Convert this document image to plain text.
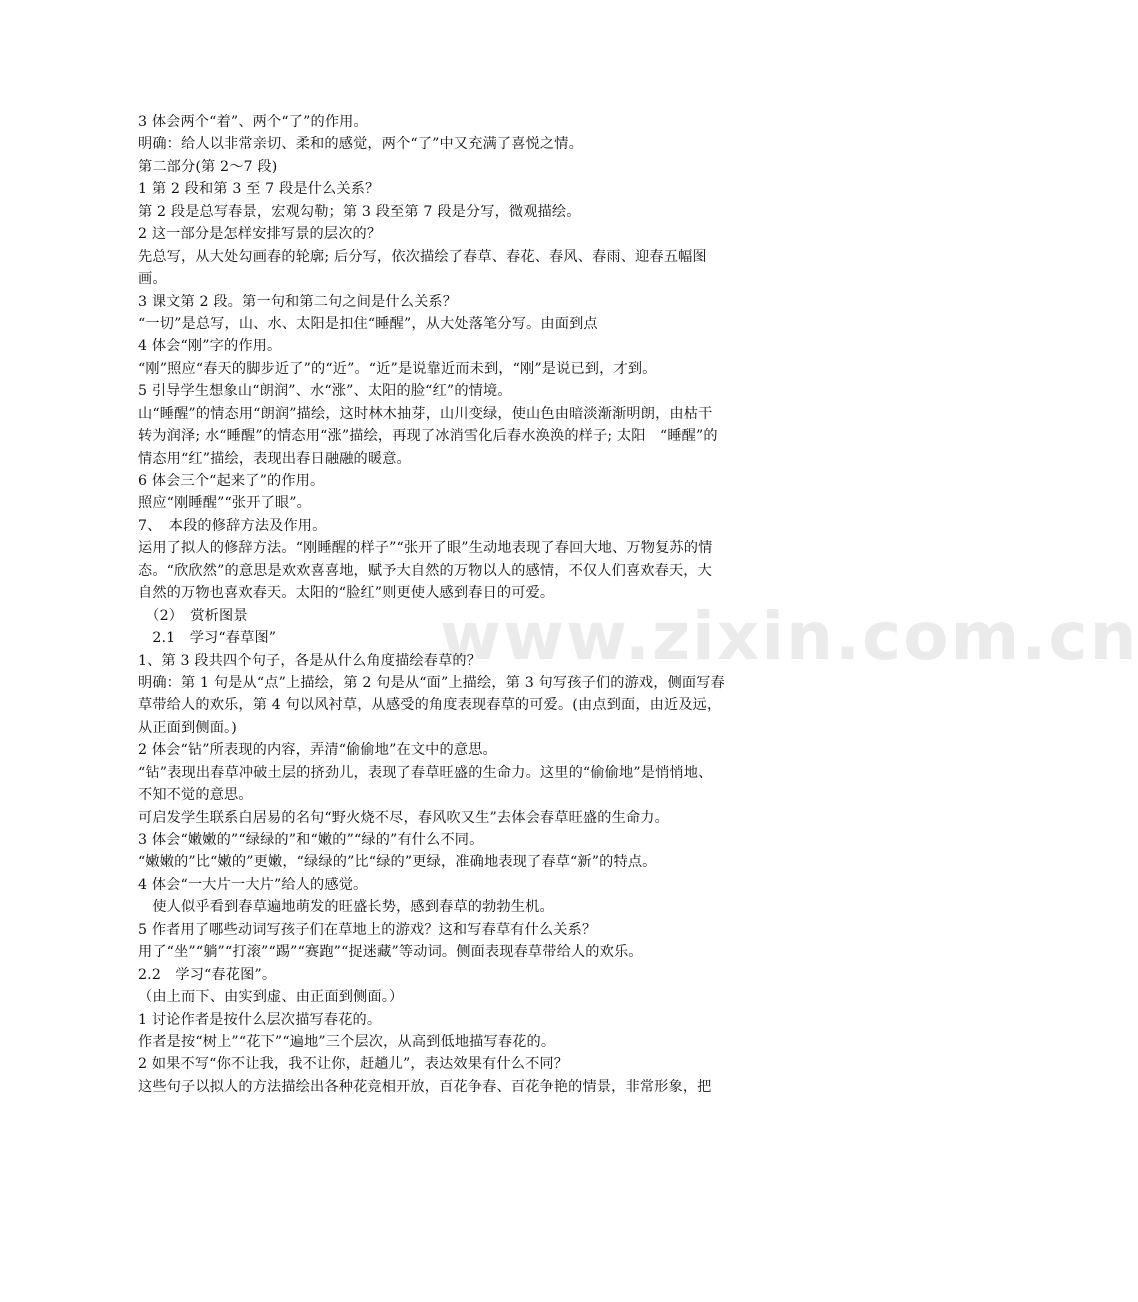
www.zixin.com.cn
3 体会两个“着”、两个“了”的作用。
明确：给人以非常亲切、柔和的感觉，两个“了”中又充满了喜悦之情。
第二部分(第 2～7 段)
1 第 2 段和第 3 至 7 段是什么关系？
第 2 段是总写春景，宏观勾勒；第 3 段至第 7 段是分写，微观描绘。
2 这一部分是怎样安排写景的层次的？
先总写，从大处勾画春的轮廓; 后分写，依次描绘了春草、春花、春风、春雨、迎春五幅图
画。
3 课文第 2 段。第一句和第二句之间是什么关系？
“一切”是总写，山、水、太阳是扣住“睡醒”，从大处落笔分写。由面到点
4 体会“刚”字的作用。
“刚”照应“春天的脚步近了”的“近”。“近”是说靠近而未到，“刚”是说已到，才到。
5 引导学生想象山“朗润”、水“涨”、太阳的脸“红”的情境。
山“睡醒”的情态用“朗润”描绘，这时林木抽芽，山川变绿，使山色由暗淡渐渐明朗，由枯干
转为润泽; 水“睡醒”的情态用“涨”描绘，再现了冰消雪化后春水涣涣的样子; 太阳　“睡醒”的
情态用“红”描绘，表现出春日融融的暖意。
6 体会三个“起来了”的作用。
照应“刚睡醒”“张开了眼”。
7、　本段的修辞方法及作用。
运用了拟人的修辞方法。“刚睡醒的样子”“张开了眼”生动地表现了春回大地、万物复苏的情
态。“欣欣然”的意思是欢欢喜喜地，赋予大自然的万物以人的感情，不仅人们喜欢春天，大
自然的万物也喜欢春天。太阳的“脸红”则更使人感到春日的可爱。
　（2）　赏析图景
　2.1　学习“春草图”
1、第 3 段共四个句子，各是从什么角度描绘春草的？
明确：第 1 句是从“点”上描绘，第 2 句是从“面”上描绘，第 3 句写孩子们的游戏，侧面写春
草带给人的欢乐，第 4 句以风衬草，从感受的角度表现春草的可爱。(由点到面，由近及远，
从正面到侧面。)
2 体会“钻”所表现的内容，弄清“偷偷地”在文中的意思。
“钻”表现出春草冲破土层的挤劲儿，表现了春草旺盛的生命力。这里的“偷偷地”是悄悄地、
不知不觉的意思。
可启发学生联系白居易的名句“野火烧不尽，春风吹又生”去体会春草旺盛的生命力。
3 体会“嫩嫩的”“绿绿的”和“嫩的”“绿的”有什么不同。
“嫩嫩的”比“嫩的”更嫩，“绿绿的”比“绿的”更绿，准确地表现了春草“新”的特点。
4 体会“一大片一大片”给人的感觉。
　使人似乎看到春草遍地萌发的旺盛长势，感到春草的勃勃生机。
5 作者用了哪些动词写孩子们在草地上的游戏？这和写春草有什么关系？
用了“坐”“躺”“打滚”“踢”“赛跑”“捉迷藏”等动词。侧面表现春草带给人的欢乐。
2.2　学习“春花图”。
（由上而下、由实到虚、由正面到侧面。）
1 讨论作者是按什么层次描写春花的。
作者是按“树上”“花下”“遍地”三个层次，从高到低地描写春花的。
2 如果不写“你不让我，我不让你，赶趟儿”，表达效果有什么不同？
这些句子以拟人的方法描绘出各种花竞相开放，百花争春、百花争艳的情景，非常形象，把
